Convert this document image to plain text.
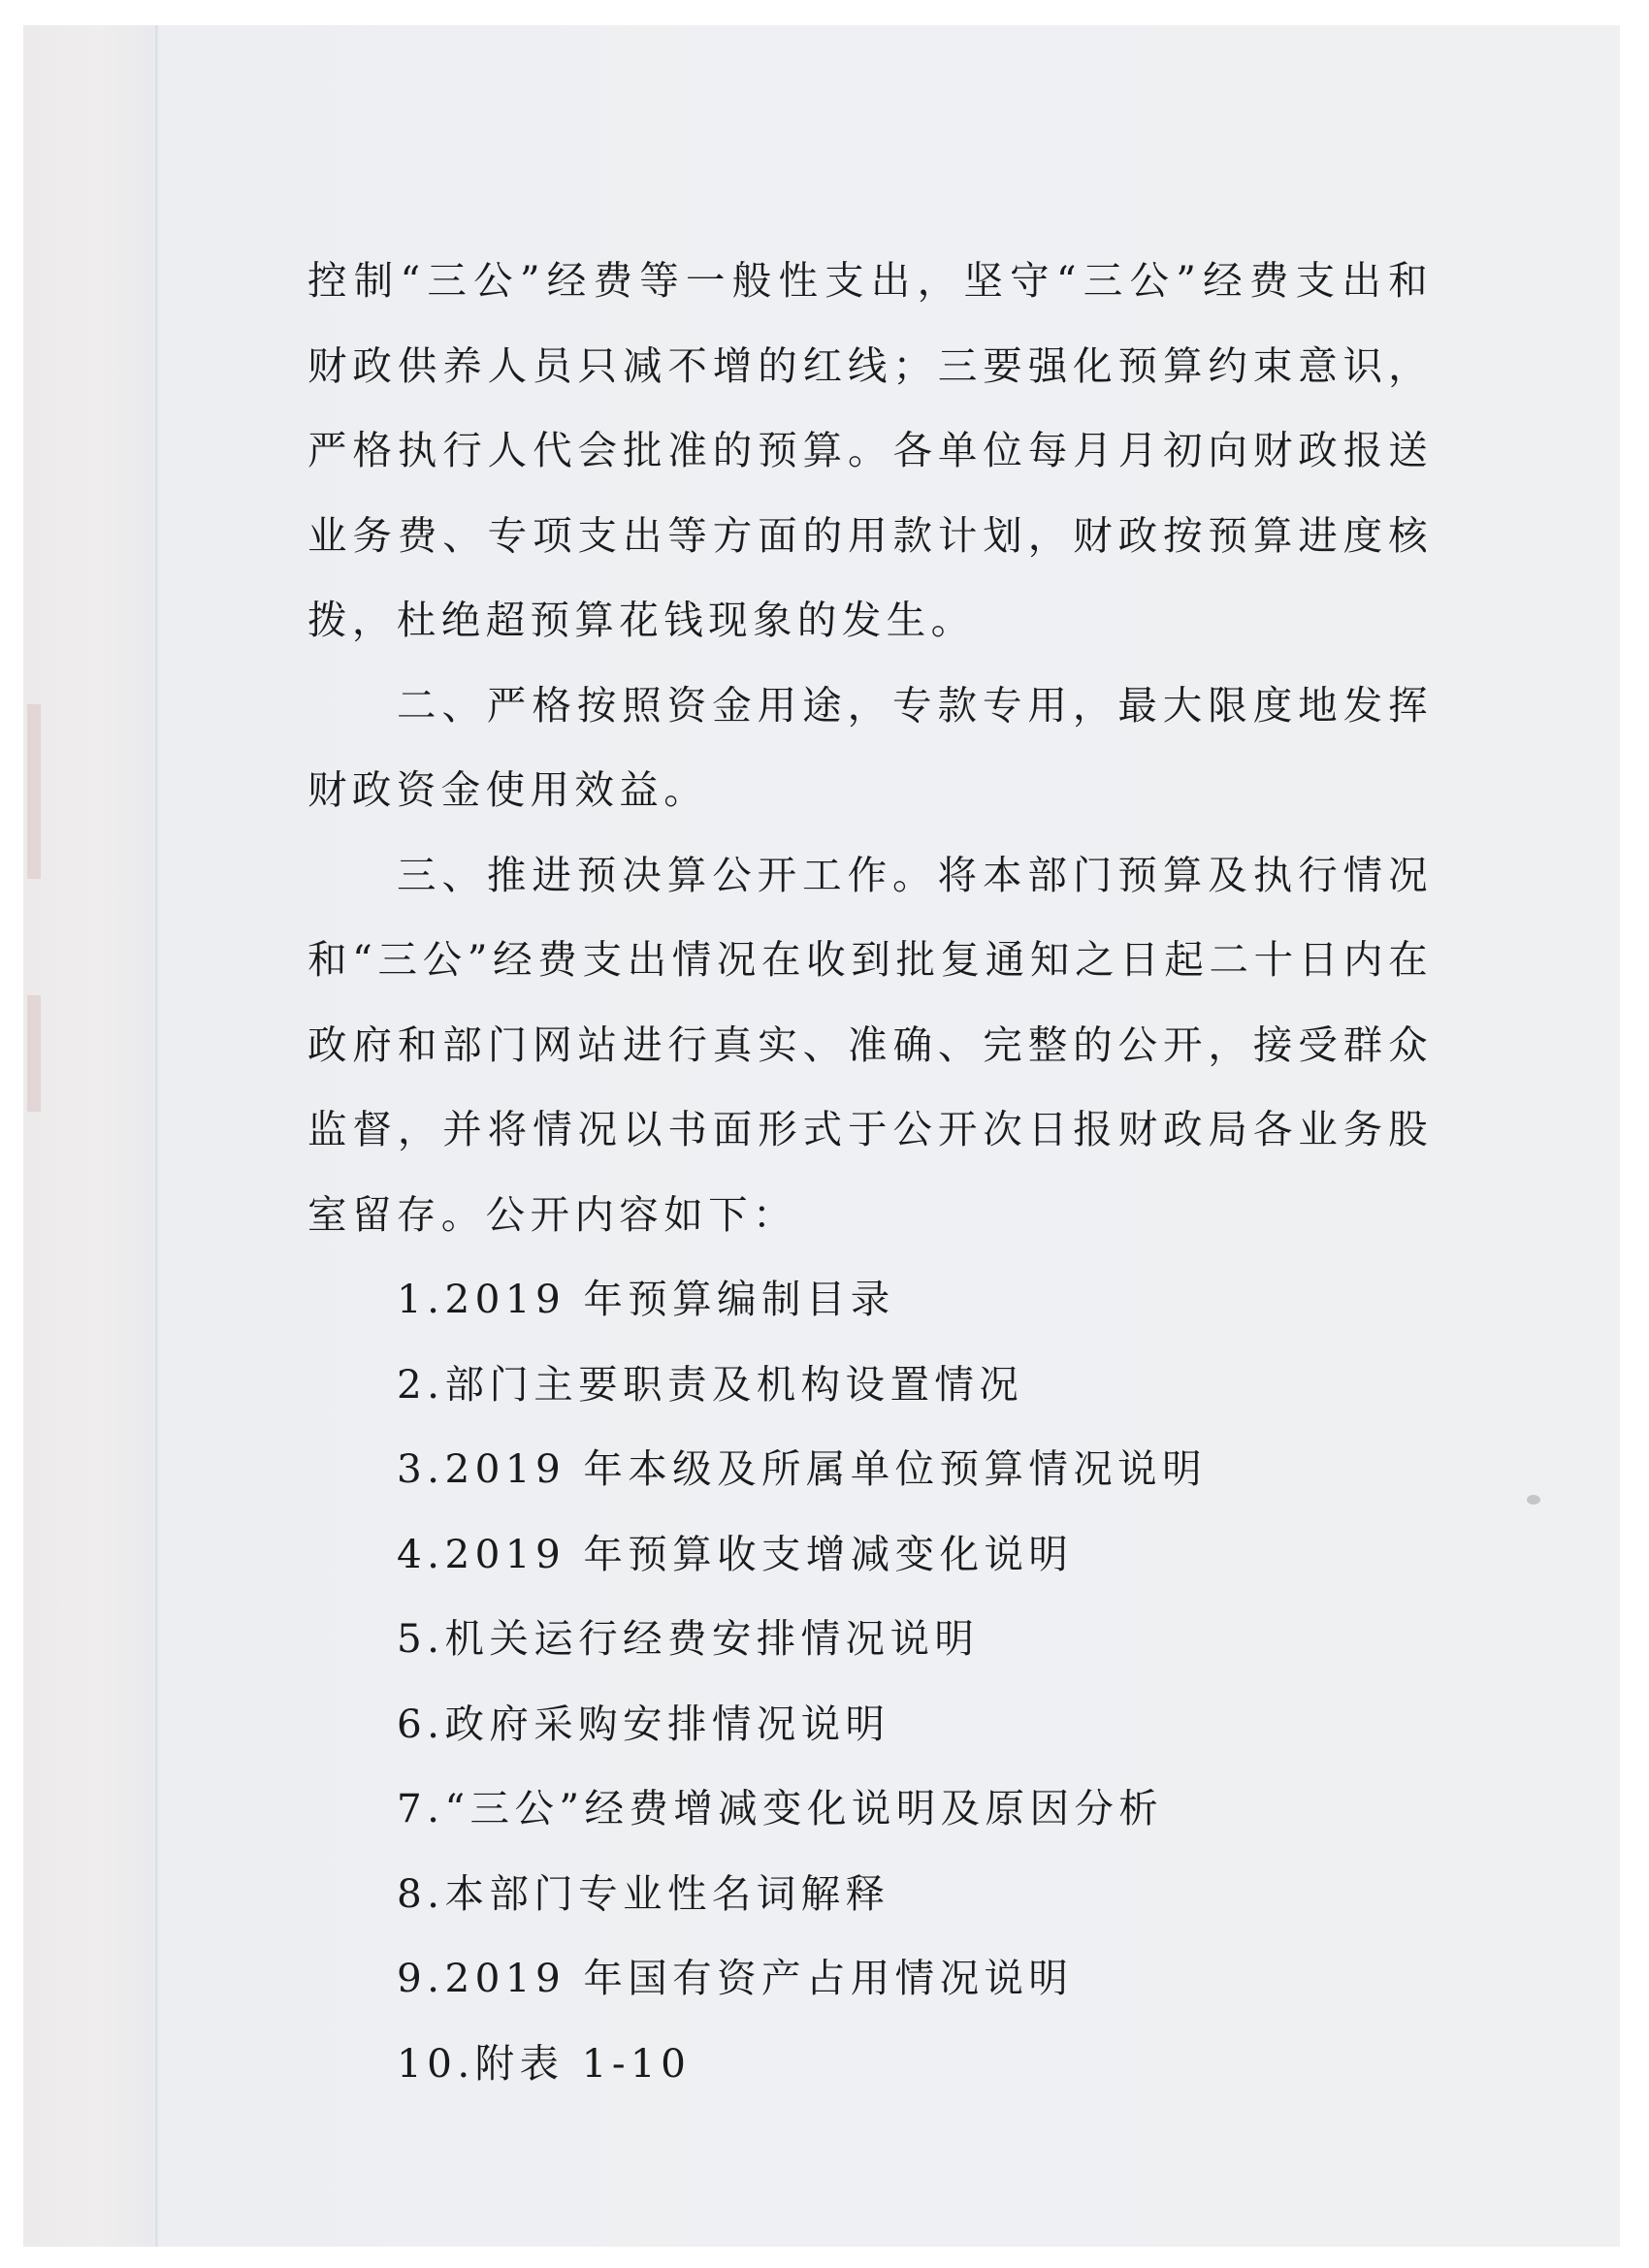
控制“三公”经费等一般性支出，坚守“三公”经费支出和财政供养人员只减不增的红线；三要强化预算约束意识，严格执行人代会批准的预算。各单位每月月初向财政报送业务费、专项支出等方面的用款计划，财政按预算进度核拨，杜绝超预算花钱现象的发生。

二、严格按照资金用途，专款专用，最大限度地发挥财政资金使用效益。

三、推进预决算公开工作。将本部门预算及执行情况和“三公”经费支出情况在收到批复通知之日起二十日内在政府和部门网站进行真实、准确、完整的公开，接受群众监督，并将情况以书面形式于公开次日报财政局各业务股室留存。公开内容如下：

1.2019 年预算编制目录
2.部门主要职责及机构设置情况
3.2019 年本级及所属单位预算情况说明
4.2019 年预算收支增减变化说明
5.机关运行经费安排情况说明
6.政府采购安排情况说明
7.“三公”经费增减变化说明及原因分析
8.本部门专业性名词解释
9.2019 年国有资产占用情况说明
10.附表 1-10
